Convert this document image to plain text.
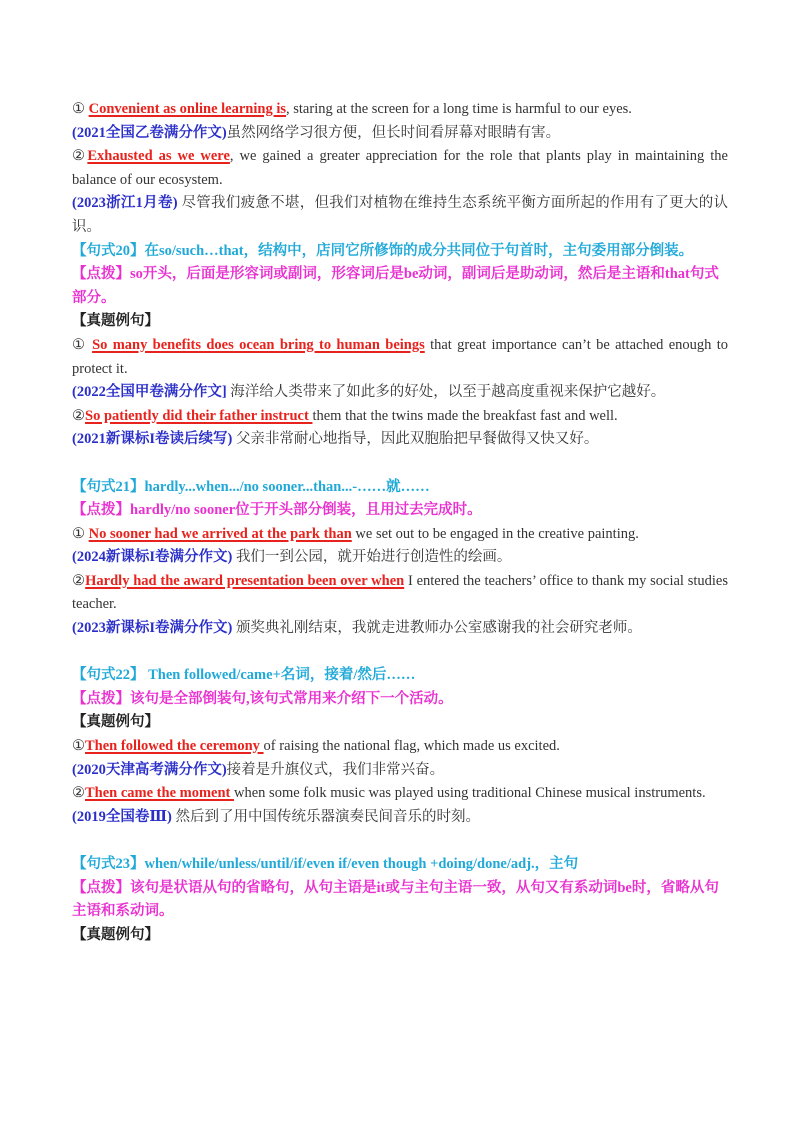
① Convenient as online learning is, staring at the screen for a long time is harmful to our eyes.

(2021全国乙卷满分作文)虽然网络学习很方便，但长时间看屏幕对眼睛有害。

②Exhausted as we were, we gained a greater appreciation for the role that plants play in maintaining the balance of our ecosystem.

(2023浙江1月卷) 尽管我们疲惫不堪，但我们对植物在维持生态系统平衡方面所起的作用有了更大的认识。

【句式20】在so/such…that，结构中，店同它所修饰的成分共同位于句首时，主句委用部分倒装。

【点拨】so开头，后面是形容词或副词，形容词后是be动词，副词后是助动词，然后是主语和that句式部分。

【真题例句】

① So many benefits does ocean bring to human beings that great importance can’t be attached enough to protect it.

(2022全国甲卷满分作文] 海洋给人类带来了如此多的好处，以至于越高度重视来保护它越好。

②So patiently did their father instruct them that the twins made the breakfast fast and well.

(2021新课标I卷读后续写) 父亲非常耐心地指导，因此双胞胎把早餐做得又快又好。

【句式21】hardly...when.../no sooner...than...-……就……

【点拨】hardly/no sooner位于开头部分倒装，且用过去完成时。

① No sooner had we arrived at the park than we set out to be engaged in the creative painting.

(2024新课标I卷满分作文) 我们一到公园，就开始进行创造性的绘画。

②Hardly had the award presentation been over when I entered the teachers’ office to thank my social studies teacher.

(2023新课标I卷满分作文) 颁奖典礼刚结束，我就走进教师办公室感谢我的社会研究老师。

【句式22】 Then followed/came+名词，接着/然后……

【点拨】该句是全部倒装句,该句式常用来介绍下一个活动。

【真题例句】

①Then followed the ceremony of raising the national flag, which made us excited.

(2020天津高考满分作文)接着是升旗仪式，我们非常兴奋。

②Then came the moment when some folk music was played using traditional Chinese musical instruments.

(2019全国卷Ⅲ) 然后到了用中国传统乐器演奏民间音乐的时刻。

【句式23】when/while/unless/until/if/even if/even though +doing/done/adj.，主句

【点拨】该句是状语从句的省略句，从句主语是it或与主句主语一致，从句又有系动词be时，省略从句主语和系动词。

【真题例句】
